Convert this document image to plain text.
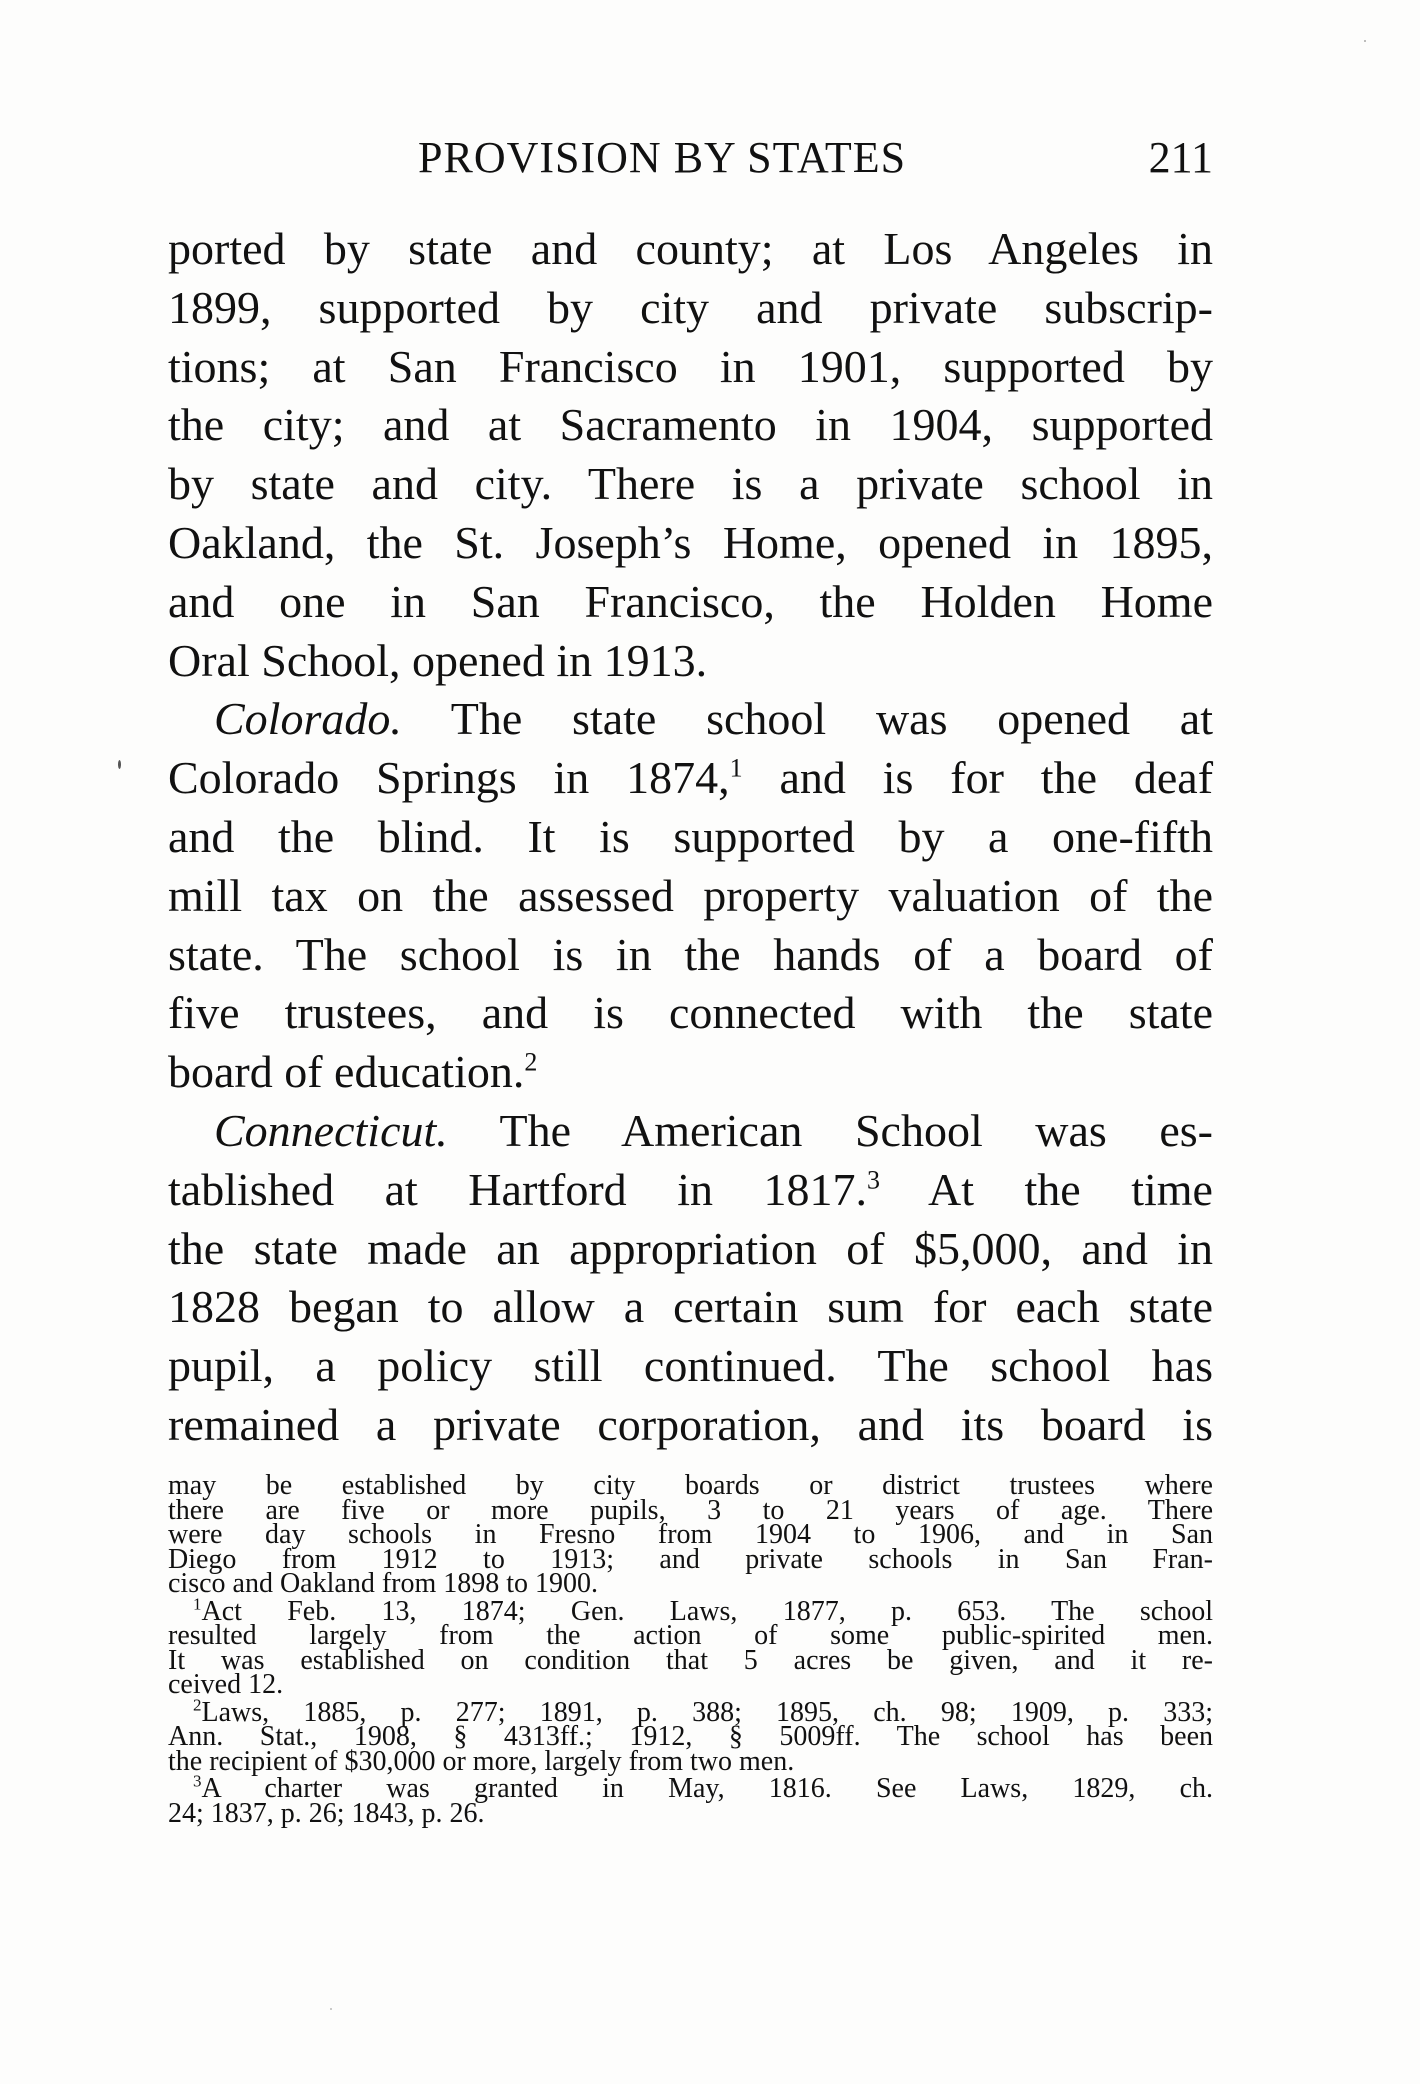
PROVISION BY STATES	211
ported by state and county; at Los Angeles in
1899, supported by city and private subscrip-
tions; at San Francisco in 1901, supported by
the city; and at Sacramento in 1904, supported
by state and city. There is a private school in
Oakland, the St. Joseph’s Home, opened in 1895,
and one in San Francisco, the Holden Home
Oral School, opened in 1913.
Colorado. The state school was opened at
Colorado Springs in 1874,$^1$ and is for the deaf
and the blind. It is supported by a one-fifth
mill tax on the assessed property valuation of the
state. The school is in the hands of a board of
five trustees, and is connected with the state
board of education.$^2$
Connecticut. The American School was es-
tablished at Hartford in 1817.$^3$ At the time
the state made an appropriation of $5,000, and in
1828 began to allow a certain sum for each state
pupil, a policy still continued. The school has
remained a private corporation, and its board is
may be established by city boards or district trustees where
there are five or more pupils, 3 to 21 years of age. There
were day schools in Fresno from 1904 to 1906, and in San
Diego from 1912 to 1913; and private schools in San Fran-
cisco and Oakland from 1898 to 1900.
$^1$Act Feb. 13, 1874; Gen. Laws, 1877, p. 653. The school
resulted largely from the action of some public-spirited men.
It was established on condition that 5 acres be given, and it re-
ceived 12.
$^2$Laws, 1885, p. 277; 1891, p. 388; 1895, ch. 98; 1909, p. 333;
Ann. Stat., 1908, § 4313ff.; 1912, § 5009ff. The school has been
the recipient of $30,000 or more, largely from two men.
$^3$A charter was granted in May, 1816. See Laws, 1829, ch.
24; 1837, p. 26; 1843, p. 26.
